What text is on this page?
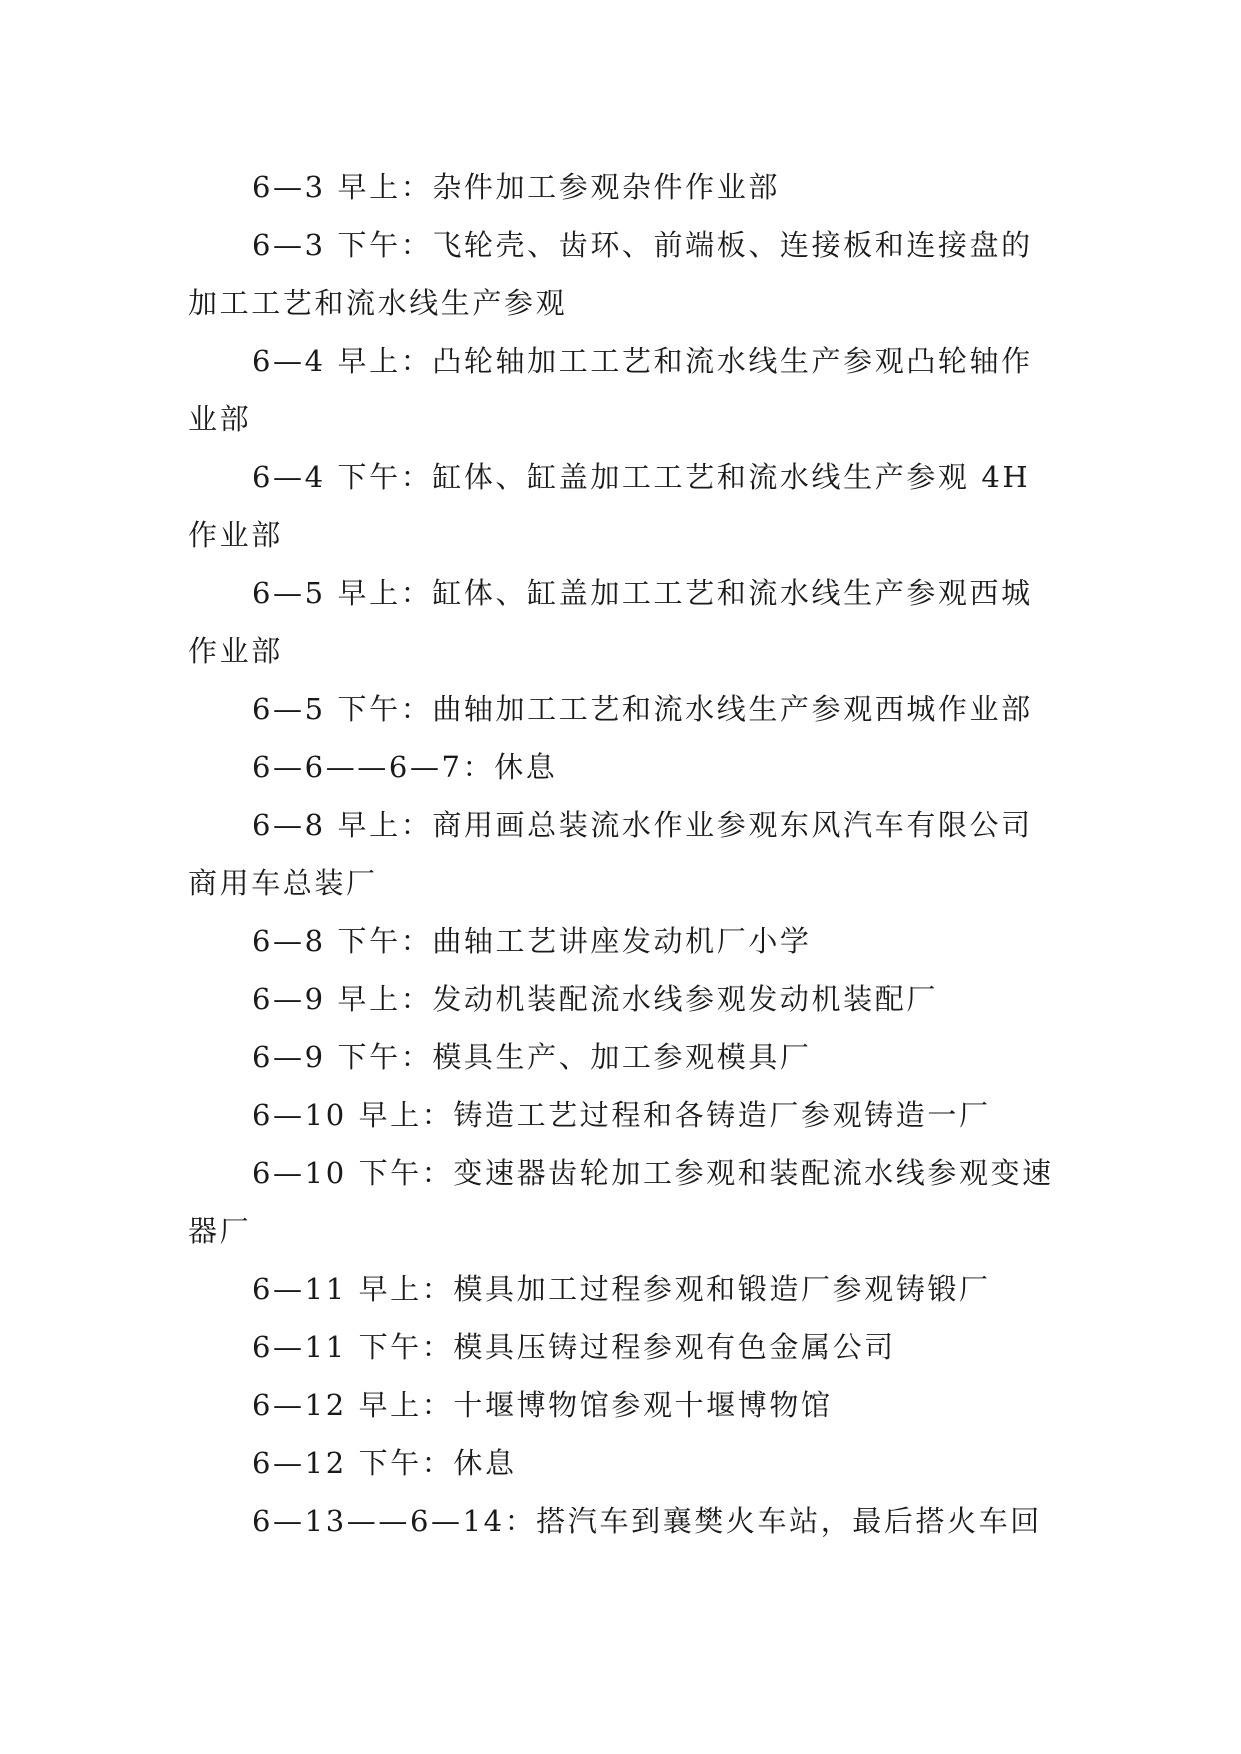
6—3 早上：杂件加工参观杂件作业部

6—3 下午：飞轮壳、齿环、前端板、连接板和连接盘的加工工艺和流水线生产参观

6—4 早上：凸轮轴加工工艺和流水线生产参观凸轮轴作业部

6—4 下午：缸体、缸盖加工工艺和流水线生产参观 4H 作业部

6—5 早上：缸体、缸盖加工工艺和流水线生产参观西城作业部

6—5 下午：曲轴加工工艺和流水线生产参观西城作业部

6—6——6—7：休息

6—8 早上：商用画总装流水作业参观东风汽车有限公司商用车总装厂

6—8 下午：曲轴工艺讲座发动机厂小学

6—9 早上：发动机装配流水线参观发动机装配厂

6—9 下午：模具生产、加工参观模具厂

6—10 早上：铸造工艺过程和各铸造厂参观铸造一厂

6—10 下午：变速器齿轮加工参观和装配流水线参观变速器厂

6—11 早上：模具加工过程参观和锻造厂参观铸锻厂

6—11 下午：模具压铸过程参观有色金属公司

6—12 早上：十堰博物馆参观十堰博物馆

6—12 下午：休息

6—13——6—14：搭汽车到襄樊火车站，最后搭火车回
